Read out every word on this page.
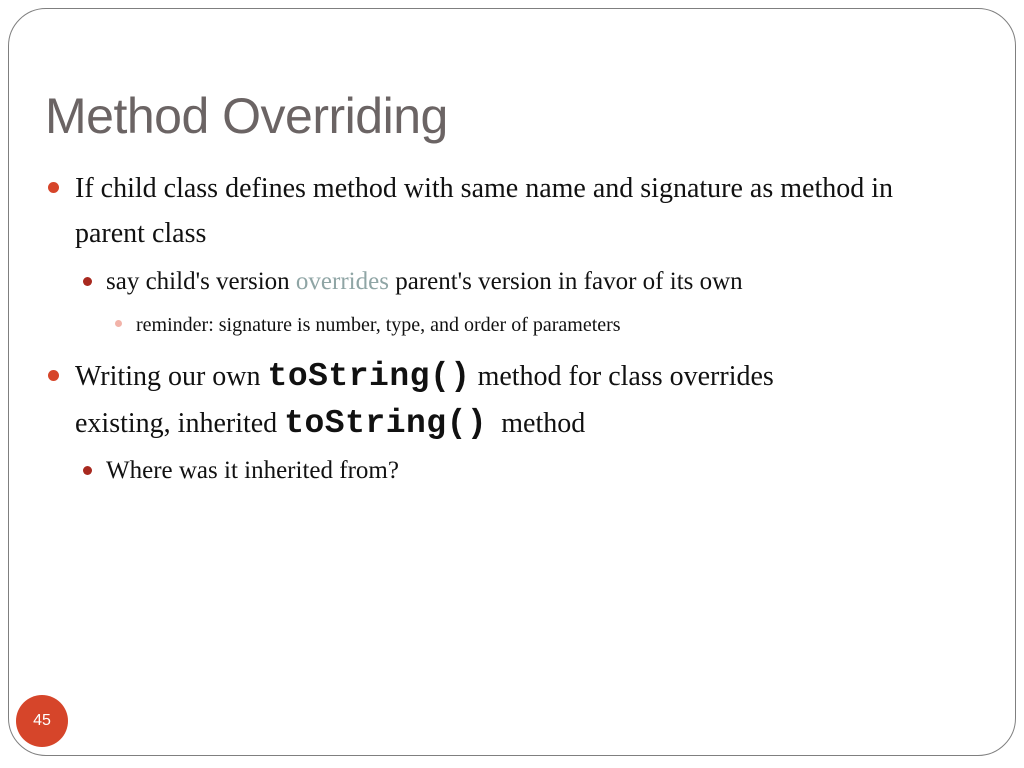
Method Overriding

If child class defines method with same name and signature as method in parent class

say child's version overrides parent's version in favor of its own

reminder: signature is number, type, and order of parameters

Writing our own toString() method for class overrides
existing, inherited toString()  method

Where was it inherited from?

45
